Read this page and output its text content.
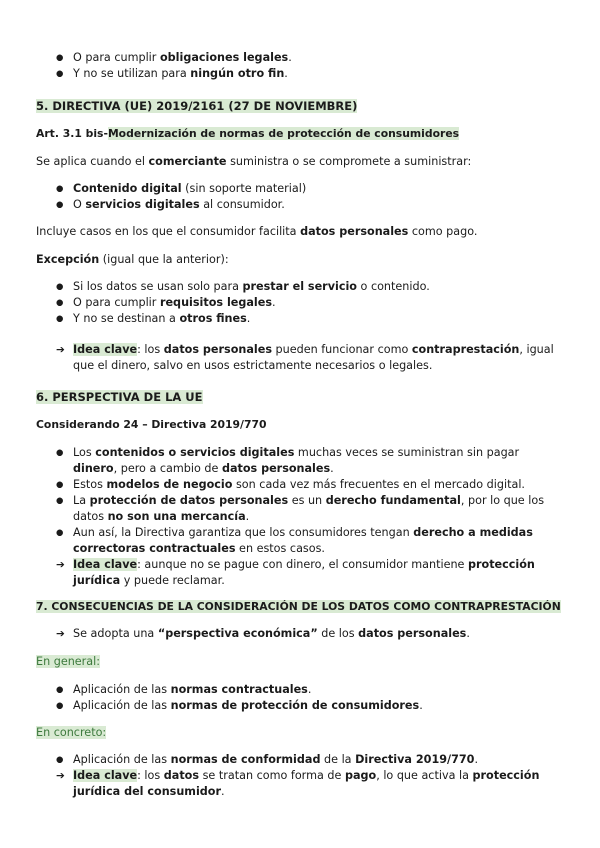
● O para cumplir obligaciones legales.
● Y no se utilizan para ningún otro fin.
5. DIRECTIVA (UE) 2019/2161 (27 DE NOVIEMBRE)
Art. 3.1 bis-Modernización de normas de protección de consumidores
Se aplica cuando el comerciante suministra o se compromete a suministrar:
● Contenido digital (sin soporte material)
● O servicios digitales al consumidor.
Incluye casos en los que el consumidor facilita datos personales como pago.
Excepción (igual que la anterior):
● Si los datos se usan solo para prestar el servicio o contenido.
● O para cumplir requisitos legales.
● Y no se destinan a otros fines.
➔ Idea clave: los datos personales pueden funcionar como contraprestación, igual que el dinero, salvo en usos estrictamente necesarios o legales.
6. PERSPECTIVA DE LA UE
Considerando 24 – Directiva 2019/770
● Los contenidos o servicios digitales muchas veces se suministran sin pagar dinero, pero a cambio de datos personales.
● Estos modelos de negocio son cada vez más frecuentes en el mercado digital.
● La protección de datos personales es un derecho fundamental, por lo que los datos no son una mercancía.
● Aun así, la Directiva garantiza que los consumidores tengan derecho a medidas correctoras contractuales en estos casos.
➔ Idea clave: aunque no se pague con dinero, el consumidor mantiene protección jurídica y puede reclamar.
7. CONSECUENCIAS DE LA CONSIDERACIÓN DE LOS DATOS COMO CONTRAPRESTACIÓN
➔ Se adopta una “perspectiva económica” de los datos personales.
En general:
● Aplicación de las normas contractuales.
● Aplicación de las normas de protección de consumidores.
En concreto:
● Aplicación de las normas de conformidad de la Directiva 2019/770.
➔ Idea clave: los datos se tratan como forma de pago, lo que activa la protección jurídica del consumidor.
